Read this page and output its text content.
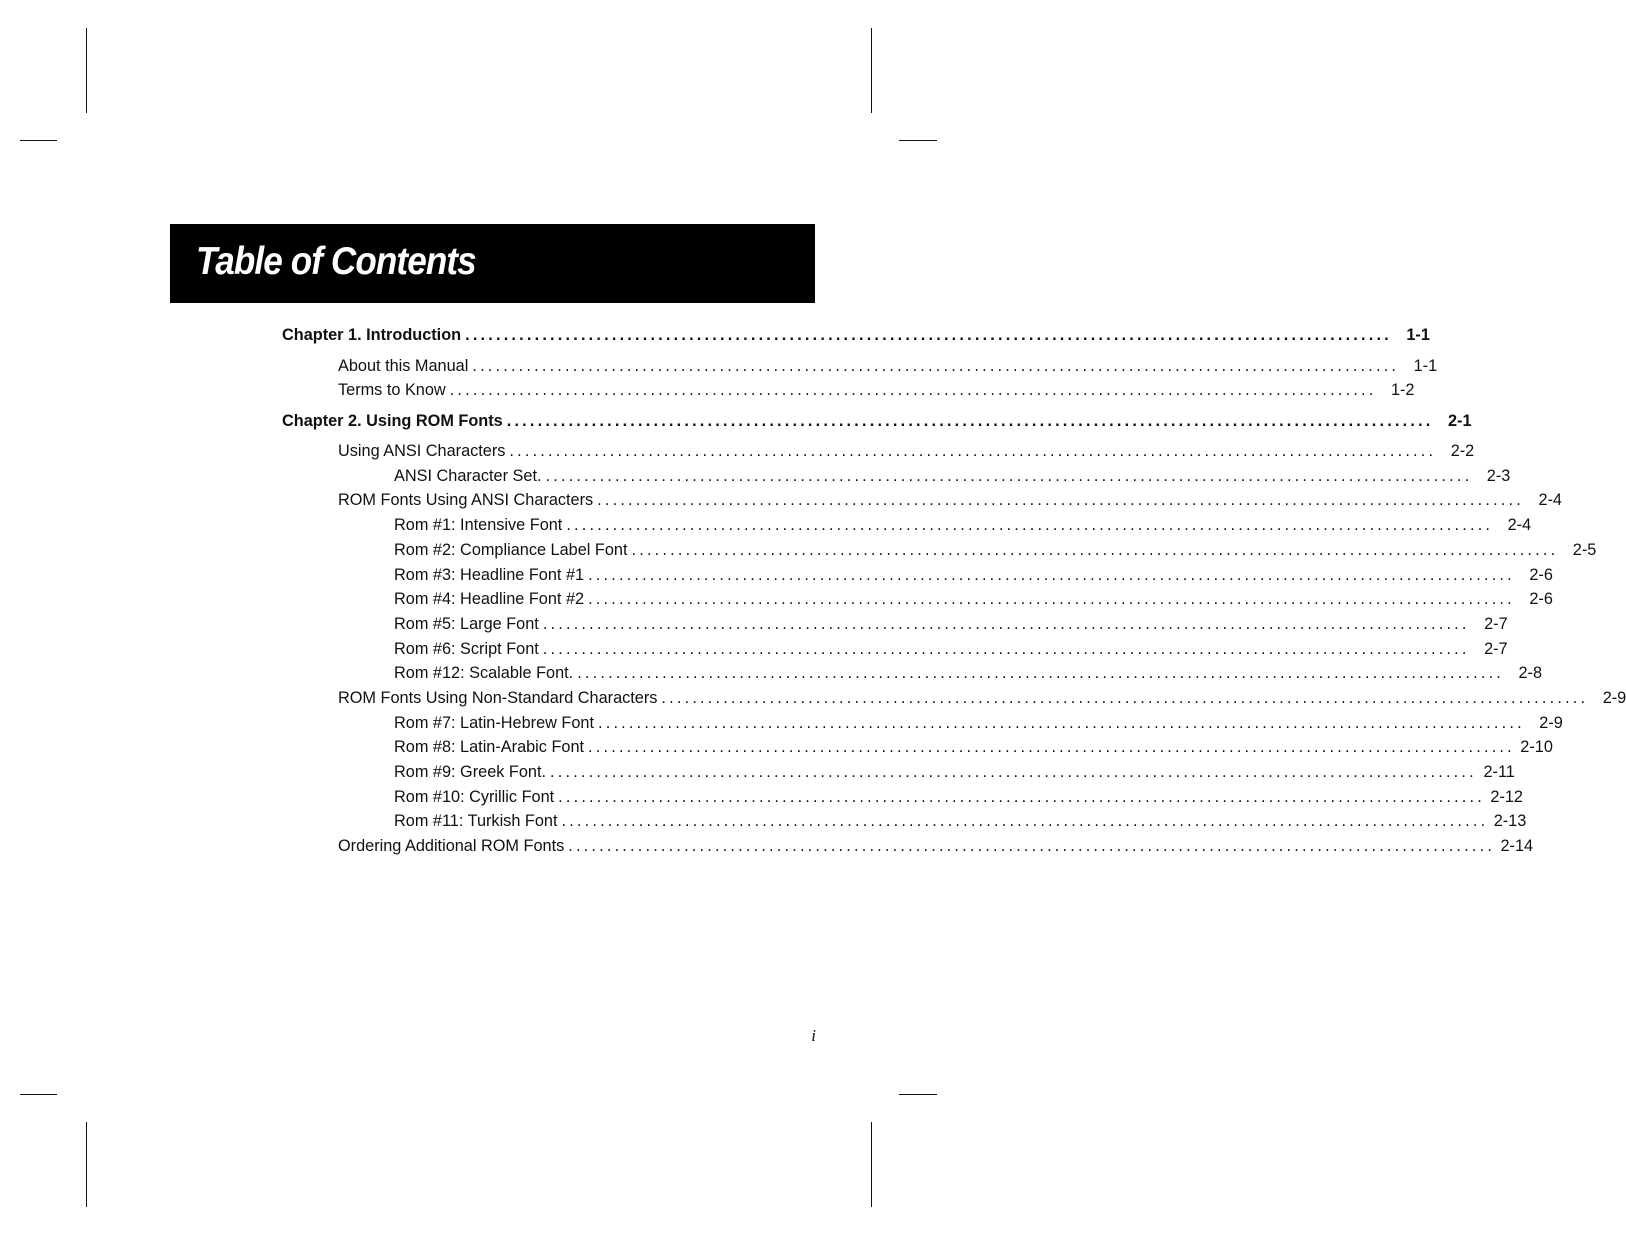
Table of Contents
Chapter 1. Introduction ........................................................................................................................ 1-1
About this Manual ........................................................................................................................ 1-1
Terms to Know ........................................................................................................................ 1-2
Chapter 2. Using ROM Fonts ........................................................................................................................ 2-1
Using ANSI Characters ........................................................................................................................ 2-2
ANSI Character Set. ........................................................................................................................ 2-3
ROM Fonts Using ANSI Characters ........................................................................................................................ 2-4
Rom #1: Intensive Font ........................................................................................................................ 2-4
Rom #2: Compliance Label Font ........................................................................................................................ 2-5
Rom #3: Headline Font #1 ........................................................................................................................ 2-6
Rom #4: Headline Font #2 ........................................................................................................................ 2-6
Rom #5: Large Font ........................................................................................................................ 2-7
Rom #6: Script Font ........................................................................................................................ 2-7
Rom #12: Scalable Font. ........................................................................................................................ 2-8
ROM Fonts Using Non-Standard Characters ........................................................................................................................ 2-9
Rom #7: Latin-Hebrew Font ........................................................................................................................ 2-9
Rom #8: Latin-Arabic Font ........................................................................................................................ 2-10
Rom #9: Greek Font. ........................................................................................................................ 2-11
Rom #10: Cyrillic Font ........................................................................................................................ 2-12
Rom #11: Turkish Font ........................................................................................................................ 2-13
Ordering Additional ROM Fonts ........................................................................................................................ 2-14
i
